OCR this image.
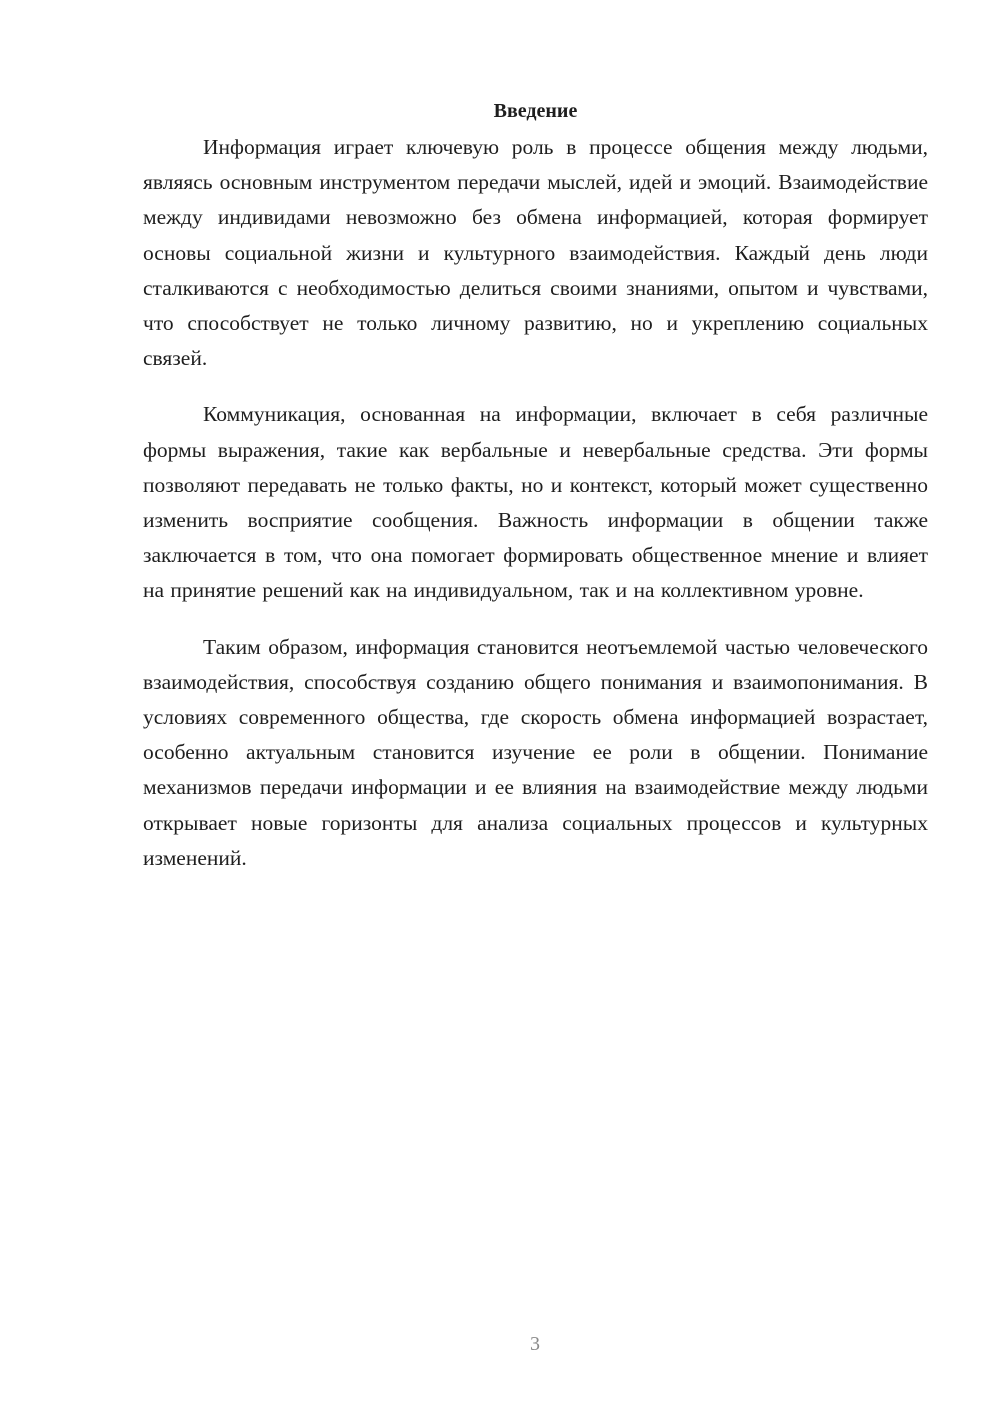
Введение

Информация играет ключевую роль в процессе общения между людьми, являясь основным инструментом передачи мыслей, идей и эмоций. Взаимодействие между индивидами невозможно без обмена информацией, которая формирует основы социальной жизни и культурного взаимодействия. Каждый день люди сталкиваются с необходимостью делиться своими знаниями, опытом и чувствами, что способствует не только личному развитию, но и укреплению социальных связей.

Коммуникация, основанная на информации, включает в себя различные формы выражения, такие как вербальные и невербальные средства. Эти формы позволяют передавать не только факты, но и контекст, который может существенно изменить восприятие сообщения. Важность информации в общении также заключается в том, что она помогает формировать общественное мнение и влияет на принятие решений как на индивидуальном, так и на коллективном уровне.

Таким образом, информация становится неотъемлемой частью человеческого взаимодействия, способствуя созданию общего понимания и взаимопонимания. В условиях современного общества, где скорость обмена информацией возрастает, особенно актуальным становится изучение ее роли в общении. Понимание механизмов передачи информации и ее влияния на взаимодействие между людьми открывает новые горизонты для анализа социальных процессов и культурных изменений.

3
